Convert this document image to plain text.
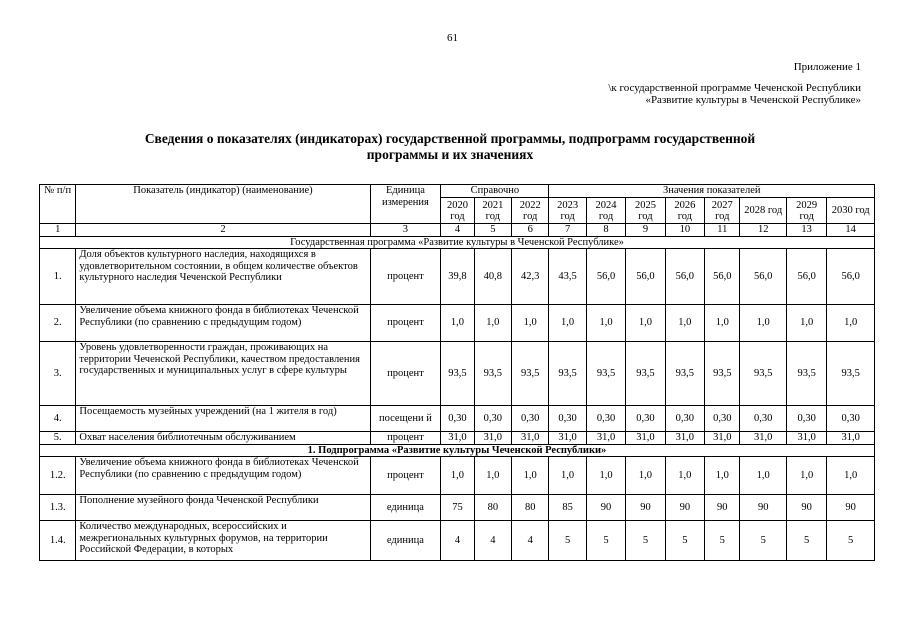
61
Приложение 1
\к государственной программе Чеченской Республики
«Развитие культуры в Чеченской Республике»
Сведения о показателях (индикаторах) государственной программы, подпрограмм государственной
программы и их значениях
№ п/п	Показатель (индикатор) (наименование)	Единица измерения	Справочно			Значения показателей							
			2020 год	2021 год	2022 год	2023 год	2024 год	2025 год	2026 год	2027 год	2028 год	2029 год	2030 год
1	2	3	4	5	6	7	8	9	10	11	12	13	14
Государственная программа «Развитие культуры в Чеченской Республике»													
1.	Доля объектов культурного наследия, находящихся в удовлетворительном состоянии, в общем количестве объектов культурного наследия Чеченской Республики	процент	39,8	40,8	42,3	43,5	56,0	56,0	56,0	56,0	56,0	56,0	56,0
2.	Увеличение объема книжного фонда в библиотеках Чеченской Республики (по сравнению с предыдущим годом)	процент	1,0	1,0	1,0	1,0	1,0	1,0	1,0	1,0	1,0	1,0	1,0
3.	Уровень удовлетворенности граждан, проживающих на территории Чеченской Республики, качеством предоставления государственных и муниципальных услуг в сфере культуры	процент	93,5	93,5	93,5	93,5	93,5	93,5	93,5	93,5	93,5	93,5	93,5
4.	Посещаемость музейных учреждений (на 1 жителя в год)	посещени й	0,30	0,30	0,30	0,30	0,30	0,30	0,30	0,30	0,30	0,30	0,30
5.	Охват населения библиотечным обслуживанием	процент	31,0	31,0	31,0	31,0	31,0	31,0	31,0	31,0	31,0	31,0	31,0
1. Подпрограмма «Развитие культуры Чеченской Республики»													
1.2.	Увеличение объема книжного фонда в библиотеках Чеченской Республики (по сравнению с предыдущим годом)	процент	1,0	1,0	1,0	1,0	1,0	1,0	1,0	1,0	1,0	1,0	1,0
1.3.	Пополнение музейного фонда Чеченской Республики	единица	75	80	80	85	90	90	90	90	90	90	90
1.4.	Количество международных, всероссийских и межрегиональных культурных форумов, на территории Российской Федерации, в которых	единица	4	4	4	5	5	5	5	5	5	5	5
